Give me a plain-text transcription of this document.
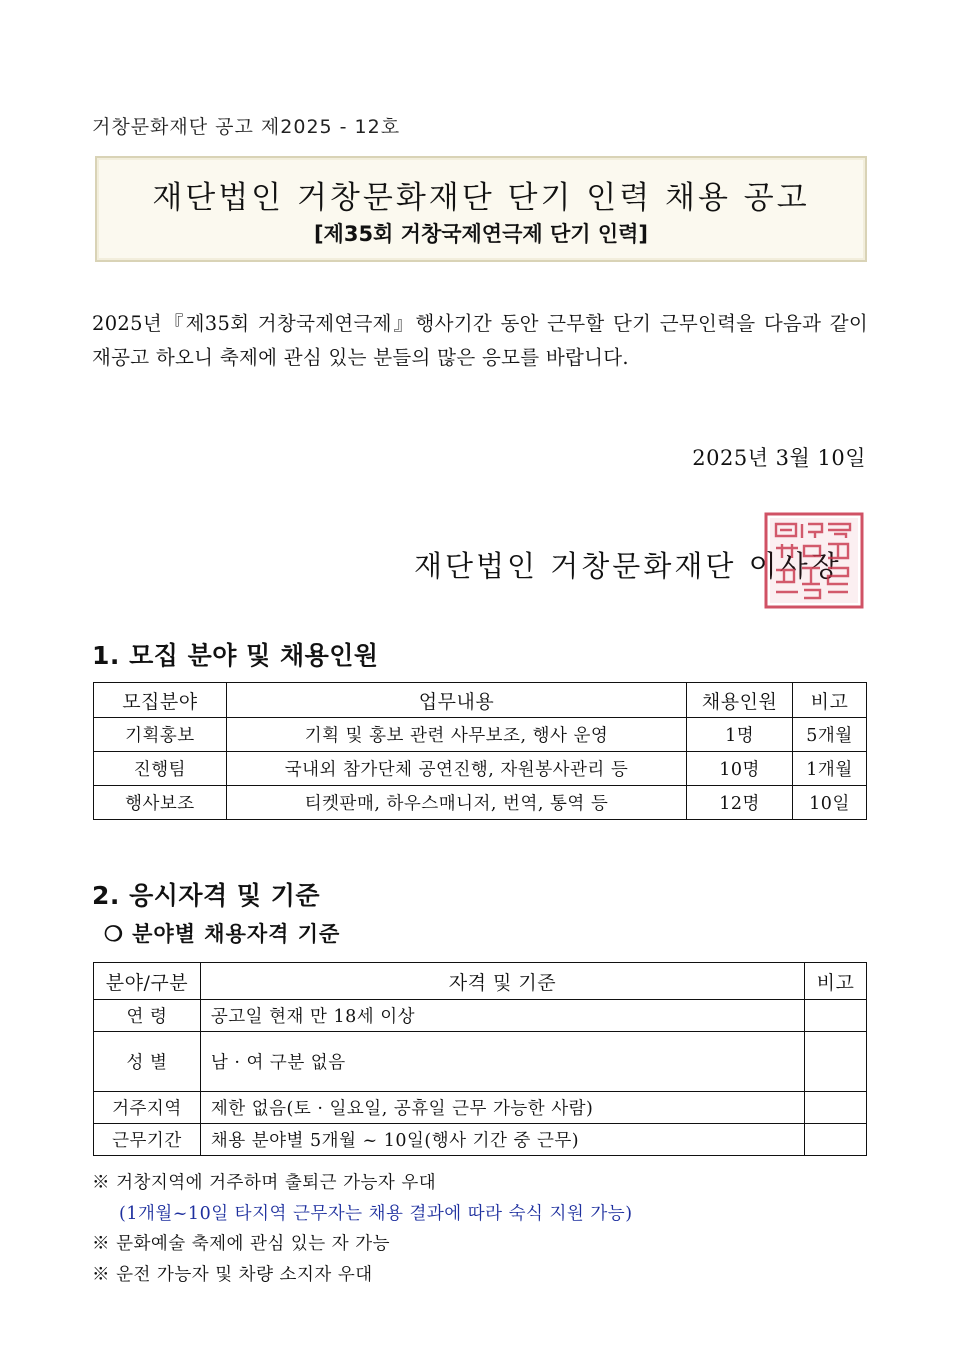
거창문화재단 공고 제2025 - 12호
재단법인 거창문화재단 단기 인력 채용 공고
[제35회 거창국제연극제 단기 인력]
2025년『제35회 거창국제연극제』행사기간 동안 근무할 단기 근무인력을 다음과 같이 재공고 하오니 축제에 관심 있는 분들의 많은 응모를 바랍니다.
2025년 3월 10일
재단법인 거창문화재단 이사장
1. 모집 분야 및 채용인원
모집분야	업무내용	채용인원	비고
기획홍보	기획 및 홍보 관련 사무보조, 행사 운영	1명	5개월
진행팀	국내외 참가단체 공연진행, 자원봉사관리 등	10명	1개월
행사보조	티켓판매, 하우스매니저, 번역, 통역 등	12명	10일
2. 응시자격 및 기준
❍ 분야별 채용자격 기준
분야/구분	자격 및 기준	비고
연 령	공고일 현재 만 18세 이상	
성 별	남 · 여 구분 없음	
거주지역	제한 없음(토 · 일요일, 공휴일 근무 가능한 사람)	
근무기간	채용 분야별 5개월 ~ 10일(행사 기간 중 근무)	
※ 거창지역에 거주하며 출퇴근 가능자 우대
(1개월~10일 타지역 근무자는 채용 결과에 따라 숙식 지원 가능)
※ 문화예술 축제에 관심 있는 자 가능
※ 운전 가능자 및 차량 소지자 우대
